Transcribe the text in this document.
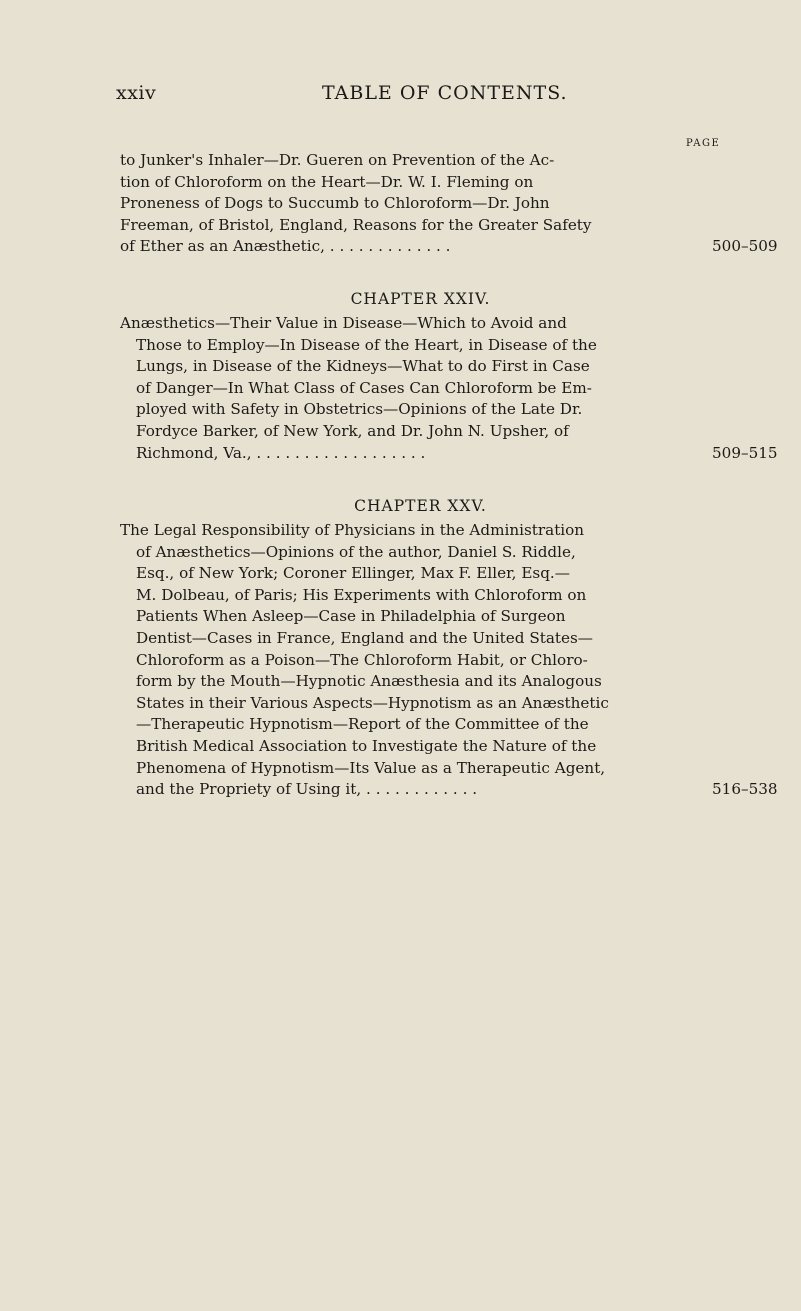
xxiv	TABLE OF CONTENTS.
PAGE
to Junker's Inhaler—Dr. Gueren on Prevention of the Ac-
tion of Chloroform on the Heart—Dr. W. I. Fleming on
Proneness of Dogs to Succumb to Chloroform—Dr. John
Freeman, of Bristol, England, Reasons for the Greater Safety
of Ether as an Anæsthetic, . . . . . . . . . . . . .	500–509
CHAPTER XXIV.
Anæsthetics—Their Value in Disease—Which to Avoid and
Those to Employ—In Disease of the Heart, in Disease of the
Lungs, in Disease of the Kidneys—What to do First in Case
of Danger—In What Class of Cases Can Chloroform be Em-
ployed with Safety in Obstetrics—Opinions of the Late Dr.
Fordyce Barker, of New York, and Dr. John N. Upsher, of
Richmond, Va., . . . . . . . . . . . . . . . . . .	509–515
CHAPTER XXV.
The Legal Responsibility of Physicians in the Administration
of Anæsthetics—Opinions of the author, Daniel S. Riddle,
Esq., of New York; Coroner Ellinger, Max F. Eller, Esq.—
M. Dolbeau, of Paris; His Experiments with Chloroform on
Patients When Asleep—Case in Philadelphia of Surgeon
Dentist—Cases in France, England and the United States—
Chloroform as a Poison—The Chloroform Habit, or Chloro-
form by the Mouth—Hypnotic Anæsthesia and its Analogous
States in their Various Aspects—Hypnotism as an Anæsthetic
—Therapeutic Hypnotism—Report of the Committee of the
British Medical Association to Investigate the Nature of the
Phenomena of Hypnotism—Its Value as a Therapeutic Agent,
and the Propriety of Using it, . . . . . . . . . . . .	516–538
